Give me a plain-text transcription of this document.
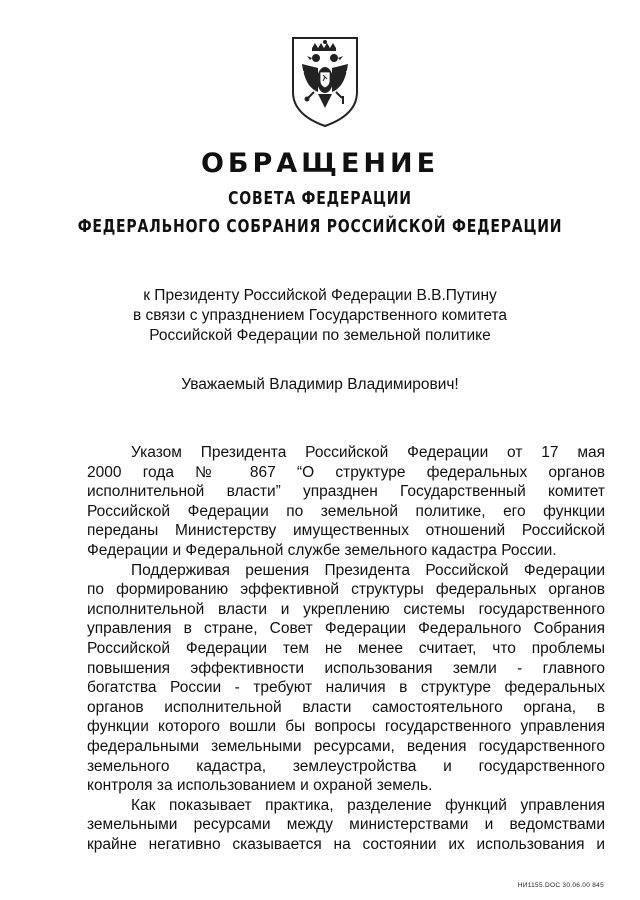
ОБРАЩЕНИЕ
СОВЕТА ФЕДЕРАЦИИ
ФЕДЕРАЛЬНОГО СОБРАНИЯ РОССИЙСКОЙ ФЕДЕРАЦИИ
к Президенту Российской Федерации В.В.Путину
в связи с упразднением Государственного комитета
Российской Федерации по земельной политике
Уважаемый Владимир Владимирович!
Указом Президента Российской Федерации от 17 мая
2000 года № 867 “О структуре федеральных органов
исполнительной власти” упразднен Государственный комитет
Российской Федерации по земельной политике, его функции
переданы Министерству имущественных отношений Российской
Федерации и Федеральной службе земельного кадастра России.
Поддерживая решения Президента Российской Федерации
по формированию эффективной структуры федеральных органов
исполнительной власти и укреплению системы государственного
управления в стране, Совет Федерации Федерального Собрания
Российской Федерации тем не менее считает, что проблемы
повышения эффективности использования земли - главного
богатства России - требуют наличия в структуре федеральных
органов исполнительной власти самостоятельного органа, в
функции которого вошли бы вопросы государственного управления
федеральными земельными ресурсами, ведения государственного
земельного кадастра, землеустройства и государственного
контроля за использованием и охраной земель.
Как показывает практика, разделение функций управления
земельными ресурсами между министерствами и ведомствами
крайне негативно сказывается на состоянии их использования и
НИ1155.DOC 30.06.00 845
